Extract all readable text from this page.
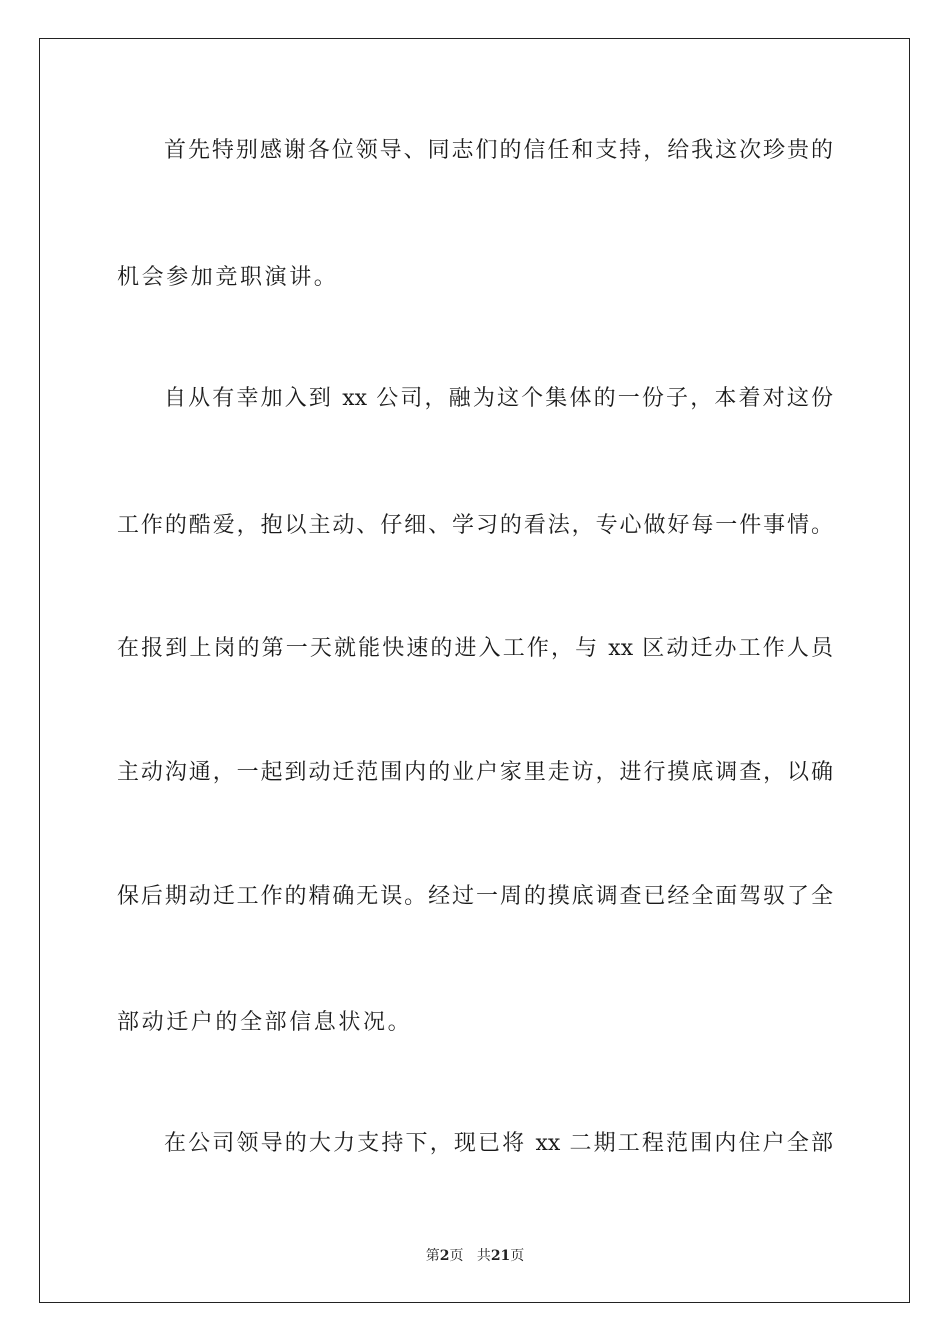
首先特别感谢各位领导、同志们的信任和支持，给我这次珍贵的
机会参加竞职演讲。
自从有幸加入到 xx 公司，融为这个集体的一份子，本着对这份
工作的酷爱，抱以主动、仔细、学习的看法，专心做好每一件事情。
在报到上岗的第一天就能快速的进入工作，与 xx 区动迁办工作人员
主动沟通，一起到动迁范围内的业户家里走访，进行摸底调查，以确
保后期动迁工作的精确无误。经过一周的摸底调查已经全面驾驭了全
部动迁户的全部信息状况。
在公司领导的大力支持下，现已将 xx 二期工程范围内住户全部
第2页 共21页
